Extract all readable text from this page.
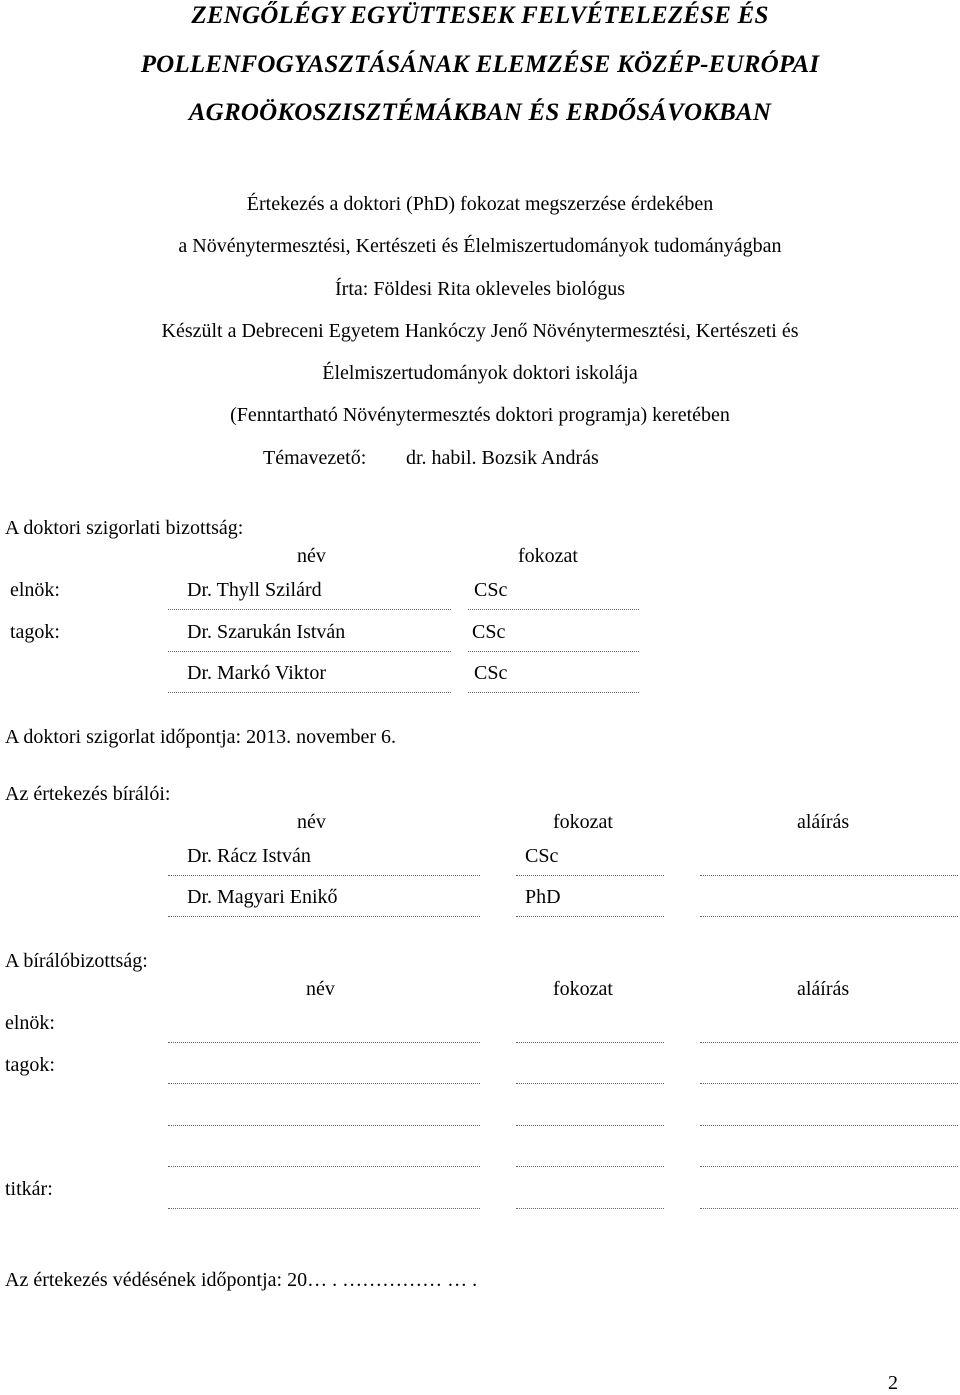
ZENGŐLÉGY EGYÜTTESEK FELVÉTELEZÉSE ÉS
POLLENFOGYASZTÁSÁNAK ELEMZÉSE KÖZÉP-EURÓPAI
AGROÖKOSZISZTÉMÁKBAN ÉS ERDŐSÁVOKBAN
Értekezés a doktori (PhD) fokozat megszerzése érdekében
a Növénytermesztési, Kertészeti és Élelmiszertudományok tudományágban
Írta: Földesi Rita okleveles biológus
Készült a Debreceni Egyetem Hankóczy Jenő Növénytermesztési, Kertészeti és
Élelmiszertudományok doktori iskolája
(Fenntartható Növénytermesztés doktori programja) keretében
Témavezető: dr. habil. Bozsik András
A doktori szigorlati bizottság:
név	fokozat
elnök:	Dr. Thyll Szilárd	CSc
tagok:	Dr. Szarukán István	CSc
Dr. Markó Viktor	CSc
A doktori szigorlat időpontja: 2013. november 6.
Az értekezés bírálói:
név	fokozat	aláírás
Dr. Rácz István	CSc
Dr. Magyari Enikő	PhD
A bírálóbizottság:
név	fokozat	aláírás
elnök:
tagok:
titkár:
Az értekezés védésének időpontja: 20… . …………… … .
2
